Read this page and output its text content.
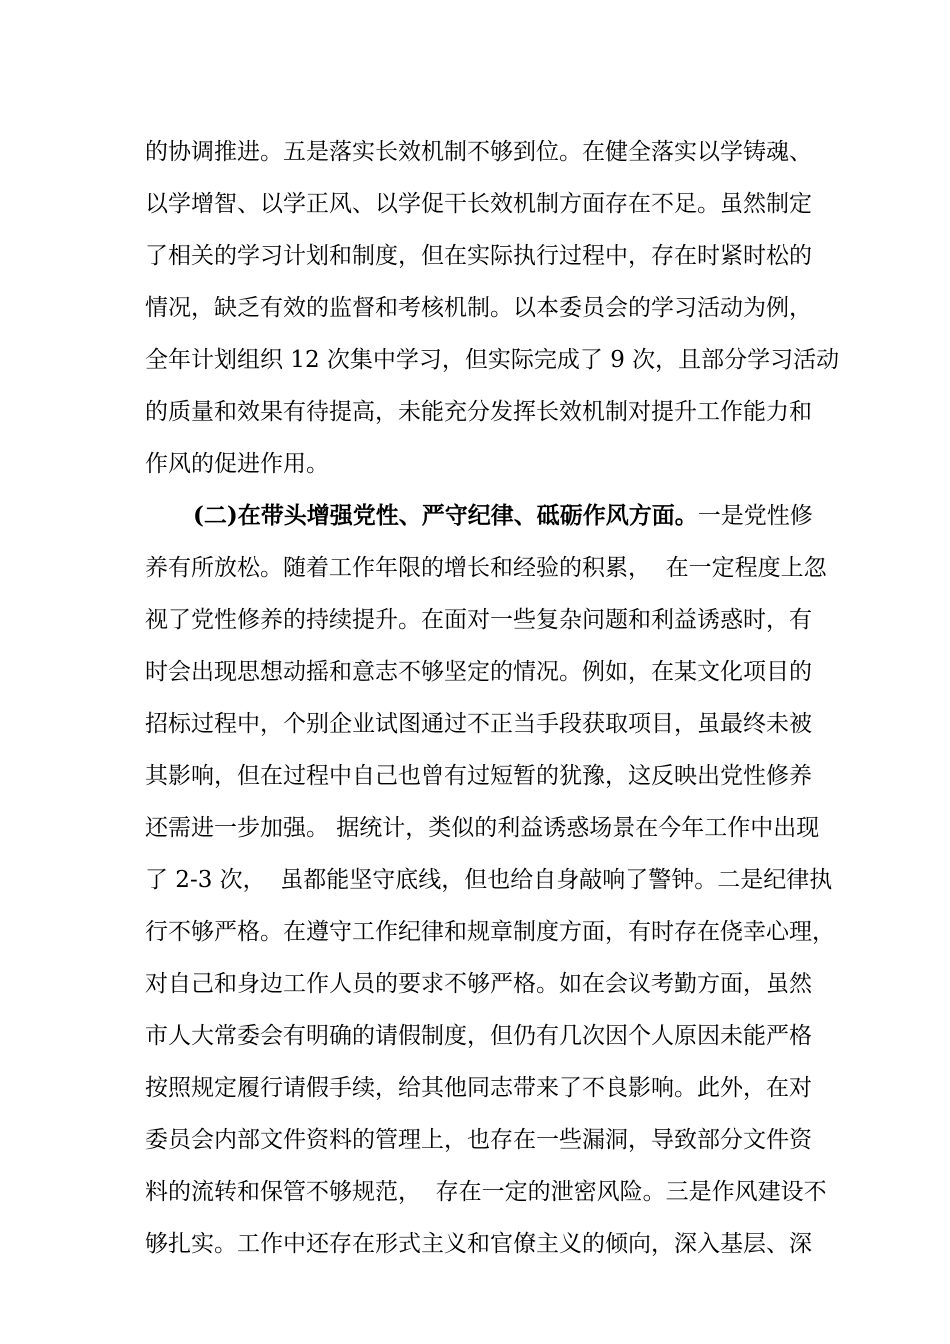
的协调推进。五是落实长效机制不够到位。在健全落实以学铸魂、
以学增智、以学正风、以学促干长效机制方面存在不足。虽然制定
了相关的学习计划和制度，但在实际执行过程中，存在时紧时松的
情况，缺乏有效的监督和考核机制。以本委员会的学习活动为例，
全年计划组织 12 次集中学习，但实际完成了 9 次，且部分学习活动
的质量和效果有待提高，未能充分发挥长效机制对提升工作能力和
作风的促进作用。
(二)在带头增强党性、严守纪律、砥砺作风方面。一是党性修
养有所放松。随着工作年限的增长和经验的积累，  在一定程度上忽
视了党性修养的持续提升。在面对一些复杂问题和利益诱惑时，有
时会出现思想动摇和意志不够坚定的情况。例如，在某文化项目的
招标过程中，个别企业试图通过不正当手段获取项目，虽最终未被
其影响，但在过程中自己也曾有过短暂的犹豫，这反映出党性修养
还需进一步加强。 据统计，类似的利益诱惑场景在今年工作中出现
了 2-3 次，  虽都能坚守底线，但也给自身敲响了警钟。二是纪律执
行不够严格。在遵守工作纪律和规章制度方面，有时存在侥幸心理，
对自己和身边工作人员的要求不够严格。如在会议考勤方面，虽然
市人大常委会有明确的请假制度，但仍有几次因个人原因未能严格
按照规定履行请假手续，给其他同志带来了不良影响。此外，在对
委员会内部文件资料的管理上，也存在一些漏洞，导致部分文件资
料的流转和保管不够规范，  存在一定的泄密风险。三是作风建设不
够扎实。工作中还存在形式主义和官僚主义的倾向，深入基层、深
